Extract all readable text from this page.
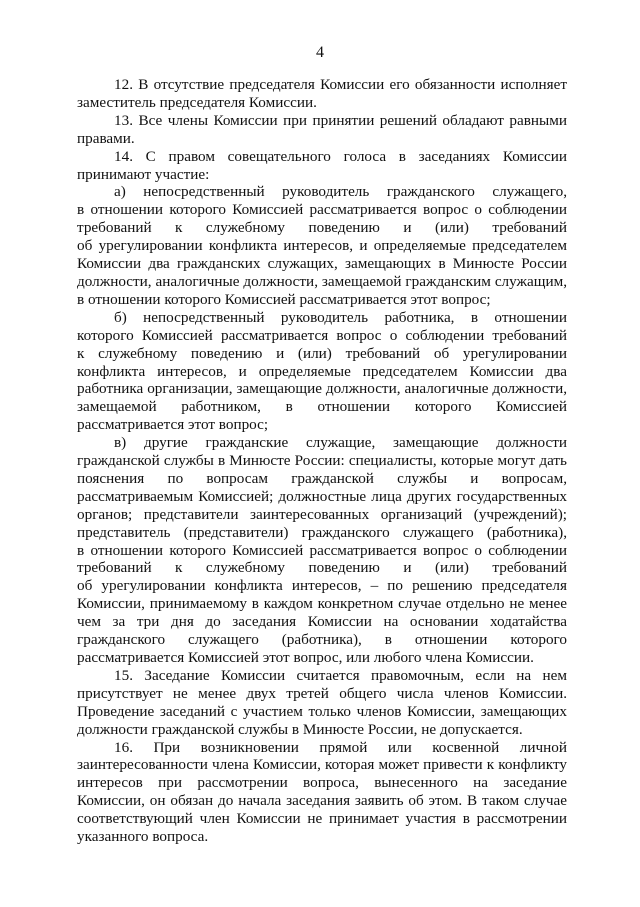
4
12. В отсутствие председателя Комиссии его обязанности исполняет
заместитель председателя Комиссии.
13. Все члены Комиссии при принятии решений обладают равными
правами.
14. С правом совещательного голоса в заседаниях Комиссии
принимают участие:
а) непосредственный руководитель гражданского служащего,
в отношении которого Комиссией рассматривается вопрос о соблюдении
требований к служебному поведению и (или) требований
об урегулировании конфликта интересов, и определяемые председателем
Комиссии два гражданских служащих, замещающих в Минюсте России
должности, аналогичные должности, замещаемой гражданским служащим,
в отношении которого Комиссией рассматривается этот вопрос;
б) непосредственный руководитель работника, в отношении
которого Комиссией рассматривается вопрос о соблюдении требований
к служебному поведению и (или) требований об урегулировании
конфликта интересов, и определяемые председателем Комиссии два
работника организации, замещающие должности, аналогичные должности,
замещаемой работником, в отношении которого Комиссией
рассматривается этот вопрос;
в) другие гражданские служащие, замещающие должности
гражданской службы в Минюсте России: специалисты, которые могут дать
пояснения по вопросам гражданской службы и вопросам,
рассматриваемым Комиссией; должностные лица других государственных
органов; представители заинтересованных организаций (учреждений);
представитель (представители) гражданского служащего (работника),
в отношении которого Комиссией рассматривается вопрос о соблюдении
требований к служебному поведению и (или) требований
об урегулировании конфликта интересов, – по решению председателя
Комиссии, принимаемому в каждом конкретном случае отдельно не менее
чем за три дня до заседания Комиссии на основании ходатайства
гражданского служащего (работника), в отношении которого
рассматривается Комиссией этот вопрос, или любого члена Комиссии.
15. Заседание Комиссии считается правомочным, если на нем
присутствует не менее двух третей общего числа членов Комиссии.
Проведение заседаний с участием только членов Комиссии, замещающих
должности гражданской службы в Минюсте России, не допускается.
16. При возникновении прямой или косвенной личной
заинтересованности члена Комиссии, которая может привести к конфликту
интересов при рассмотрении вопроса, вынесенного на заседание
Комиссии, он обязан до начала заседания заявить об этом. В таком случае
соответствующий член Комиссии не принимает участия в рассмотрении
указанного вопроса.
